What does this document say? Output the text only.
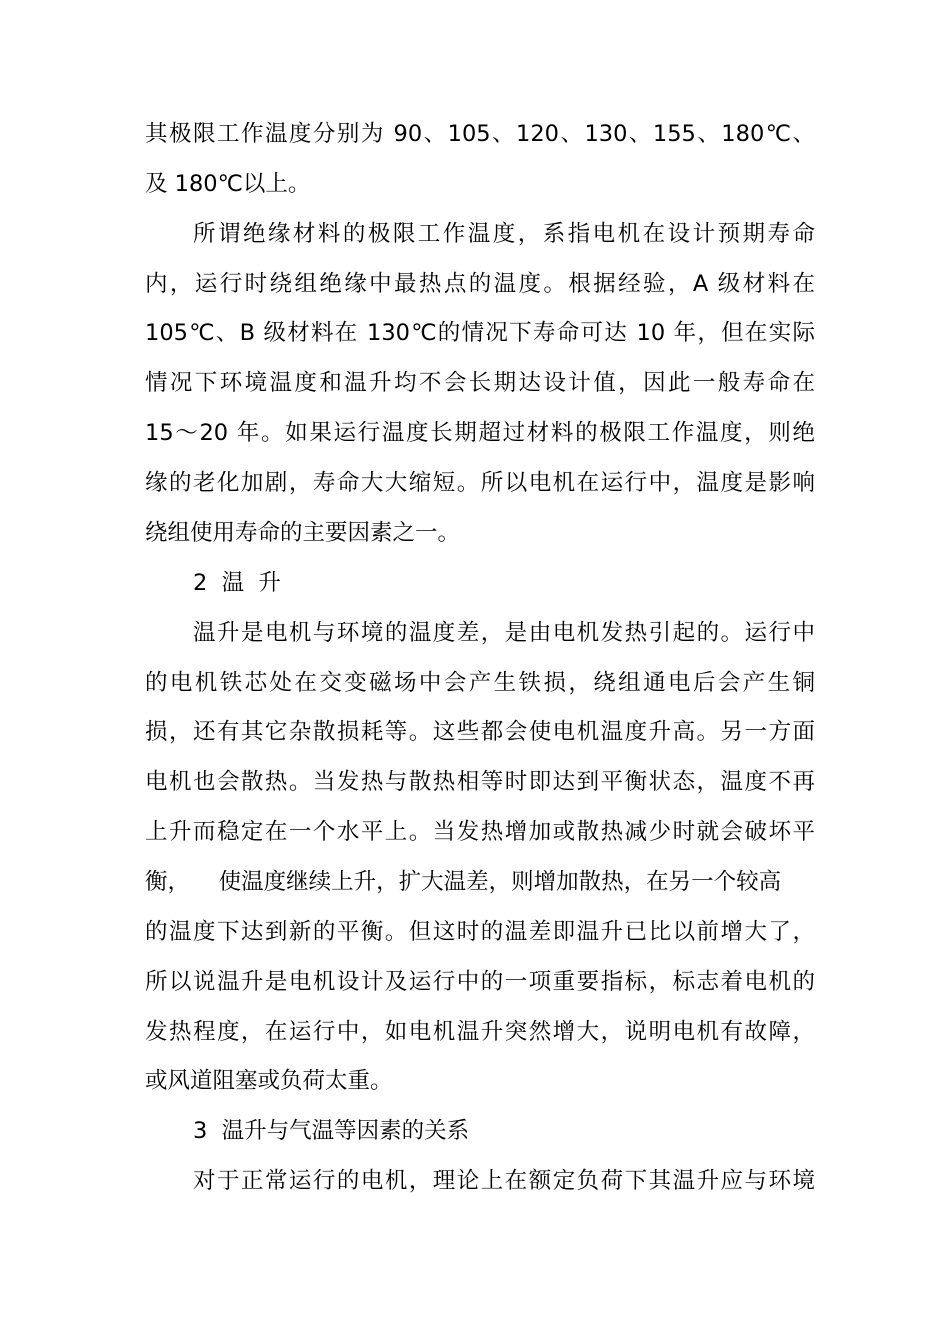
其极限工作温度分别为 90、105、120、130、155、180℃、
及 180℃以上。
所谓绝缘材料的极限工作温度，系指电机在设计预期寿命
内，运行时绕组绝缘中最热点的温度。根据经验，A 级材料在
105℃、B 级材料在 130℃的情况下寿命可达 10 年，但在实际
情况下环境温度和温升均不会长期达设计值，因此一般寿命在
15～20 年。如果运行温度长期超过材料的极限工作温度，则绝
缘的老化加剧，寿命大大缩短。所以电机在运行中，温度是影响
绕组使用寿命的主要因素之一。
2  温  升
温升是电机与环境的温度差，是由电机发热引起的。运行中
的电机铁芯处在交变磁场中会产生铁损，绕组通电后会产生铜
损，还有其它杂散损耗等。这些都会使电机温度升高。另一方面
电机也会散热。当发热与散热相等时即达到平衡状态，温度不再
上升而稳定在一个水平上。当发热增加或散热减少时就会破坏平
衡，    使温度继续上升，扩大温差，则增加散热，在另一个较高
的温度下达到新的平衡。但这时的温差即温升已比以前增大了，
所以说温升是电机设计及运行中的一项重要指标，标志着电机的
发热程度，在运行中，如电机温升突然增大，说明电机有故障，
或风道阻塞或负荷太重。
3  温升与气温等因素的关系
对于正常运行的电机，理论上在额定负荷下其温升应与环境
